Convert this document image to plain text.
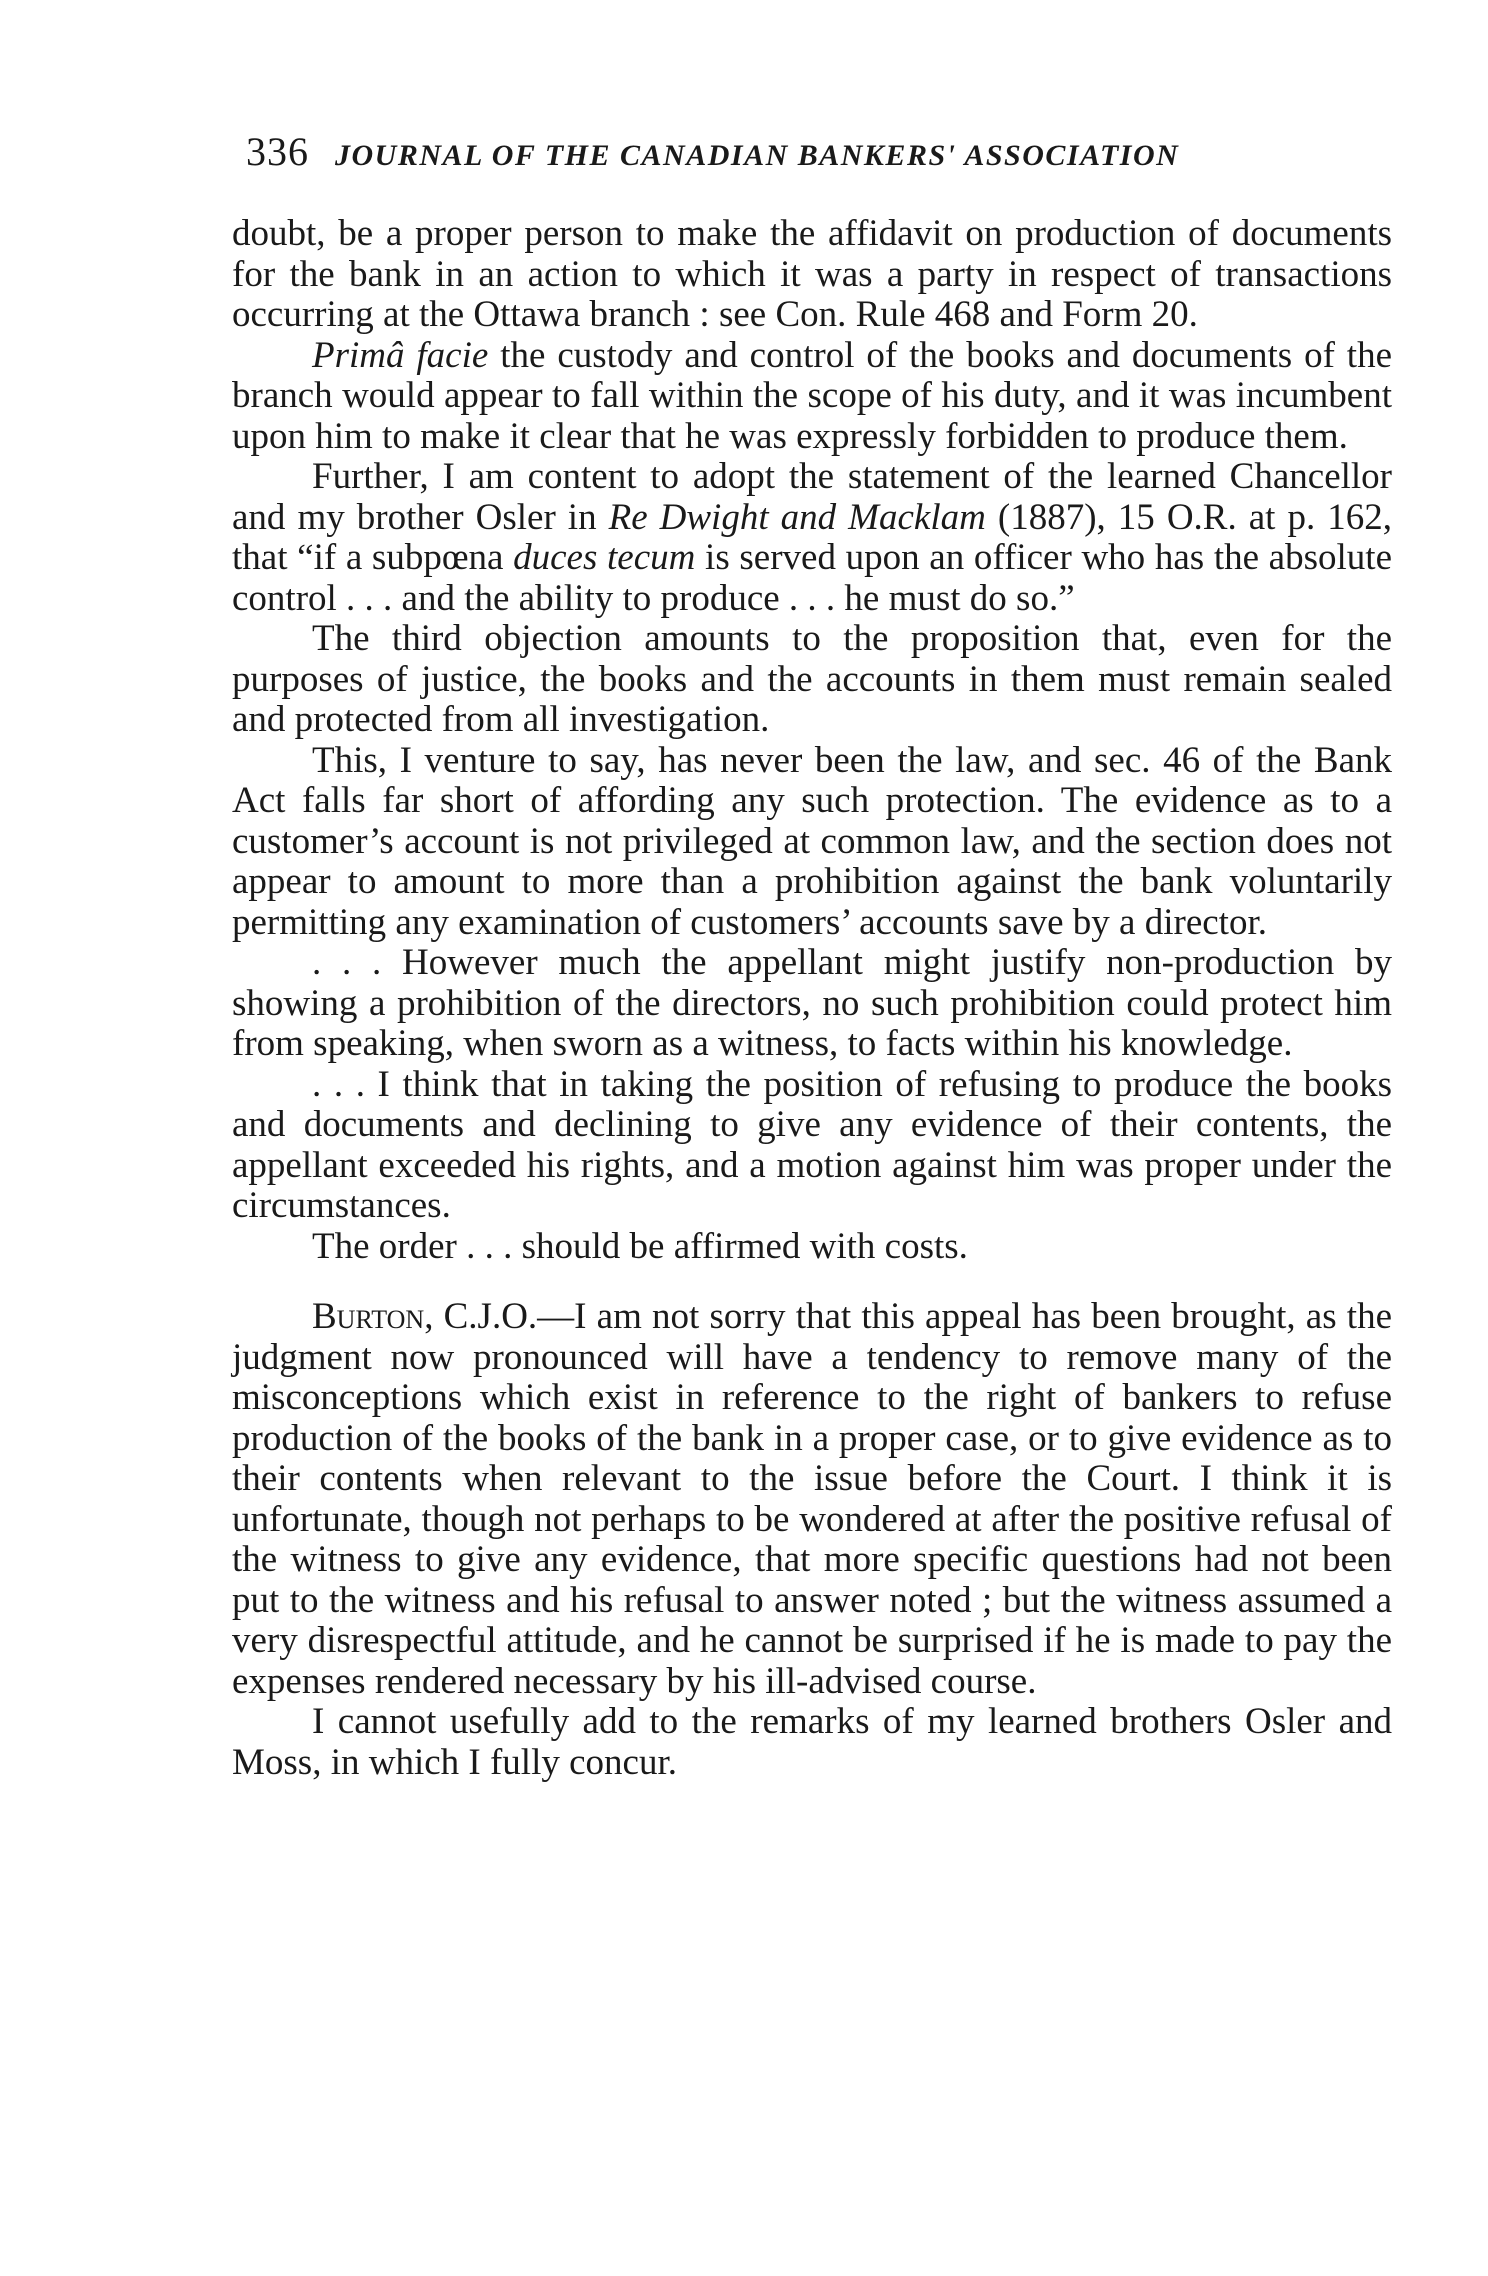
336 JOURNAL OF THE CANADIAN BANKERS' ASSOCIATION

doubt, be a proper person to make the affidavit on production of documents for the bank in an action to which it was a party in respect of transactions occurring at the Ottawa branch : see Con. Rule 468 and Form 20.

Primâ facie the custody and control of the books and documents of the branch would appear to fall within the scope of his duty, and it was incumbent upon him to make it clear that he was expressly forbidden to produce them.

Further, I am content to adopt the statement of the learned Chancellor and my brother Osler in Re Dwight and Macklam (1887), 15 O.R. at p. 162, that “if a subpœna duces tecum is served upon an officer who has the absolute control . . . and the ability to produce . . . he must do so.”

The third objection amounts to the proposition that, even for the purposes of justice, the books and the accounts in them must remain sealed and protected from all investigation.

This, I venture to say, has never been the law, and sec. 46 of the Bank Act falls far short of affording any such protection. The evidence as to a customer’s account is not privileged at common law, and the section does not appear to amount to more than a prohibition against the bank voluntarily permitting any examination of customers’ accounts save by a director.

. . . However much the appellant might justify non-production by showing a prohibition of the directors, no such prohibition could protect him from speaking, when sworn as a witness, to facts within his knowledge.

. . . I think that in taking the position of refusing to produce the books and documents and declining to give any evidence of their contents, the appellant exceeded his rights, and a motion against him was proper under the circumstances.

The order . . . should be affirmed with costs.

Burton, C.J.O.—I am not sorry that this appeal has been brought, as the judgment now pronounced will have a tendency to remove many of the misconceptions which exist in reference to the right of bankers to refuse production of the books of the bank in a proper case, or to give evidence as to their contents when relevant to the issue before the Court. I think it is unfortunate, though not perhaps to be wondered at after the positive refusal of the witness to give any evidence, that more specific questions had not been put to the witness and his refusal to answer noted ; but the witness assumed a very disrespectful attitude, and he cannot be surprised if he is made to pay the expenses rendered necessary by his ill-advised course.

I cannot usefully add to the remarks of my learned brothers Osler and Moss, in which I fully concur.
